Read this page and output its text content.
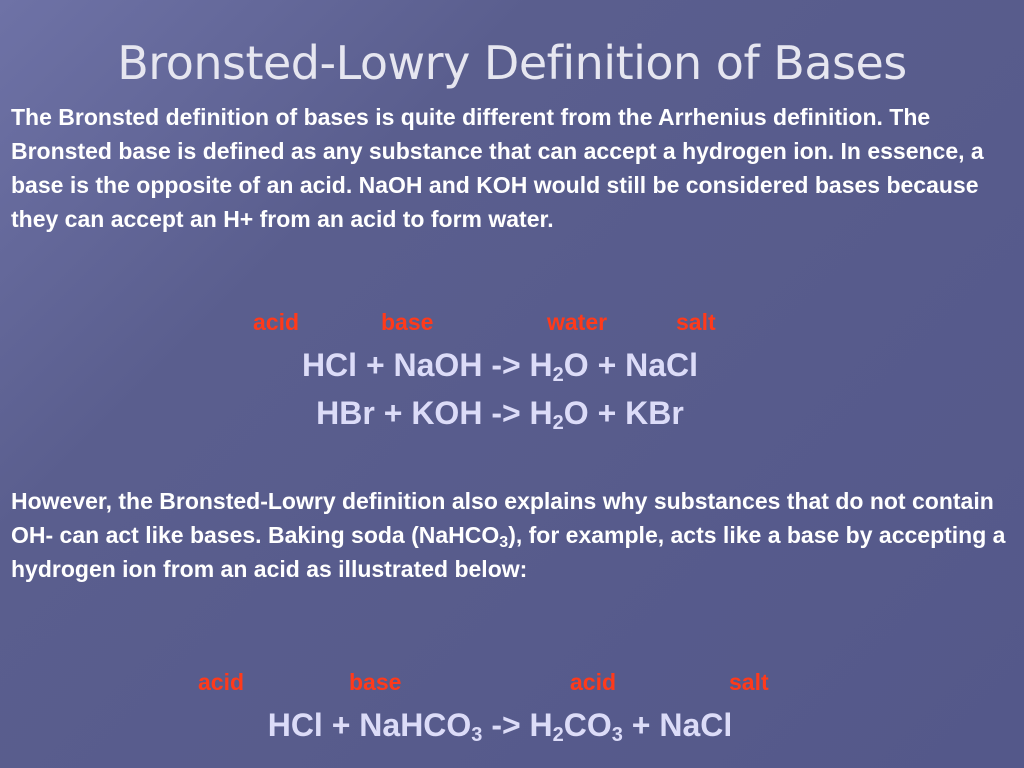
Bronsted-Lowry Definition of Bases
The Bronsted definition of bases is quite different from the Arrhenius definition. The Bronsted base is defined as any substance that can accept a hydrogen ion. In essence, a base is the opposite of an acid. NaOH and KOH would still be considered bases because they can accept an H+ from an acid to form water.
acid	base	water	salt
HCl + NaOH -> $H_2O$ + NaCl
HBr + KOH -> $H_2O$ + KBr
However, the Bronsted-Lowry definition also explains why substances that do not contain OH- can act like bases. Baking soda (NaHCO$_3$), for example, acts like a base by accepting a hydrogen ion from an acid as illustrated below:
acid	base	acid	salt
HCl + NaHCO$_3$ -> $H_2CO_3$ + NaCl
